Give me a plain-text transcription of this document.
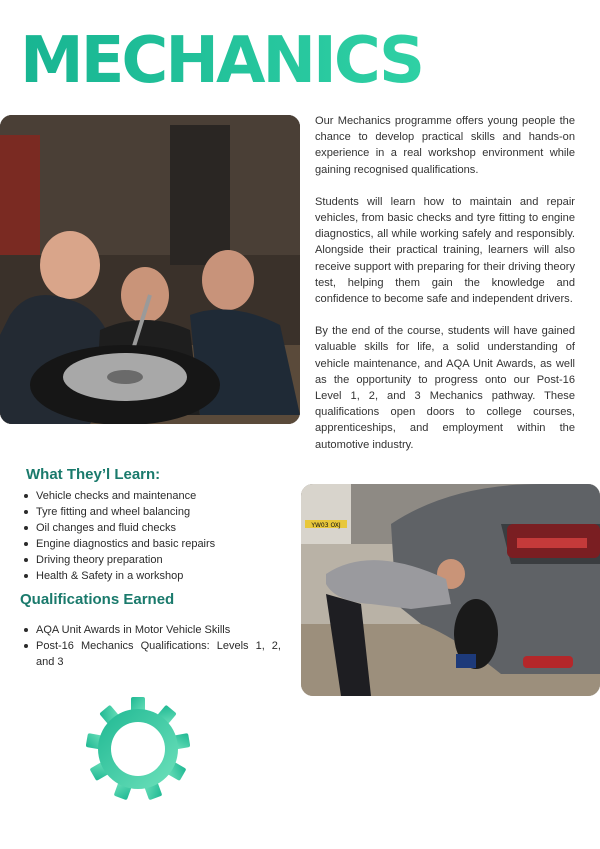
MECHANICS

Our Mechanics programme offers young people the chance to develop practical skills and hands-on experience in a real workshop environment while gaining recognised qualifications.

Students will learn how to maintain and repair vehicles, from basic checks and tyre fitting to engine diagnostics, all while working safely and responsibly. Alongside their practical training, learners will also receive support with preparing for their driving theory test, helping them gain the knowledge and confidence to become safe and independent drivers.

By the end of the course, students will have gained valuable skills for life, a solid understanding of vehicle maintenance, and AQA Unit Awards, as well as the opportunity to progress onto our Post-16 Level 1, 2, and 3 Mechanics pathway. These qualifications open doors to college courses, apprenticeships, and employment within the automotive industry.

What They’l Learn:
Vehicle checks and maintenance
Tyre fitting and wheel balancing
Oil changes and fluid checks
Engine diagnostics and basic repairs
Driving theory preparation
Health & Safety in a workshop
Qualifications Earned
AQA Unit Awards in Motor Vehicle Skills
Post-16 Mechanics Qualifications: Levels 1, 2, and 3
YW03 OXJ
